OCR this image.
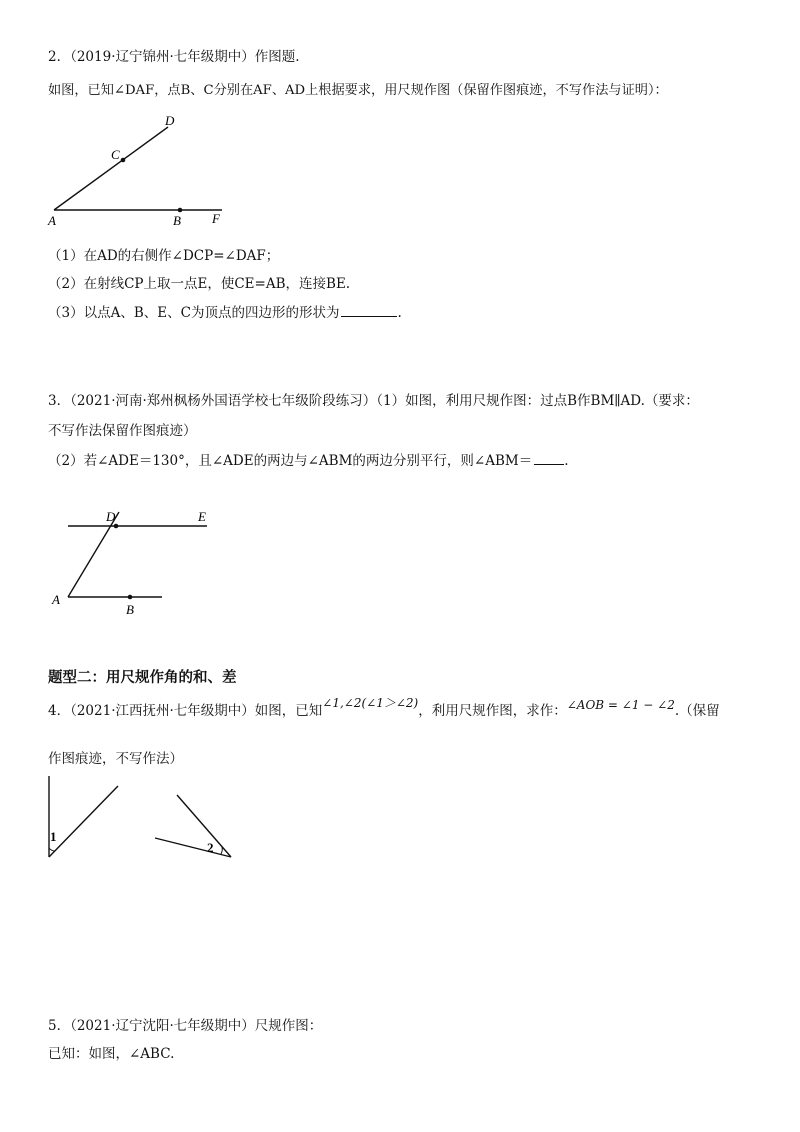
2．（2019·辽宁锦州·七年级期中）作图题.
如图，已知∠DAF，点B、C分别在AF、AD上根据要求，用尺规作图（保留作图痕迹，不写作法与证明）：
D
C
A	B F
（1）在AD的右侧作∠DCP=∠DAF；
（2）在射线CP上取一点E，使CE=AB，连接BE.
（3）以点A、B、E、C为顶点的四边形的形状为	.
3．（2021·河南·郑州枫杨外国语学校七年级阶段练习）（1）如图，利用尺规作图：过点B作BM∥AD.（要求：
不写作法保留作图痕迹）
（2）若∠ADE＝130°，且∠ADE的两边与∠ABM的两边分别平行，则∠ABM＝ .
D	E
A
B
题型二：用尺规作角的和、差
4．（2021·江西抚州·七年级期中）如图，已知∠1,∠2(∠1＞∠2)，利用尺规作图，求作：∠AOB = ∠1 − ∠2.（保留
作图痕迹，不写作法）
1
2
5．（2021·辽宁沈阳·七年级期中）尺规作图：
已知：如图，∠ABC.
